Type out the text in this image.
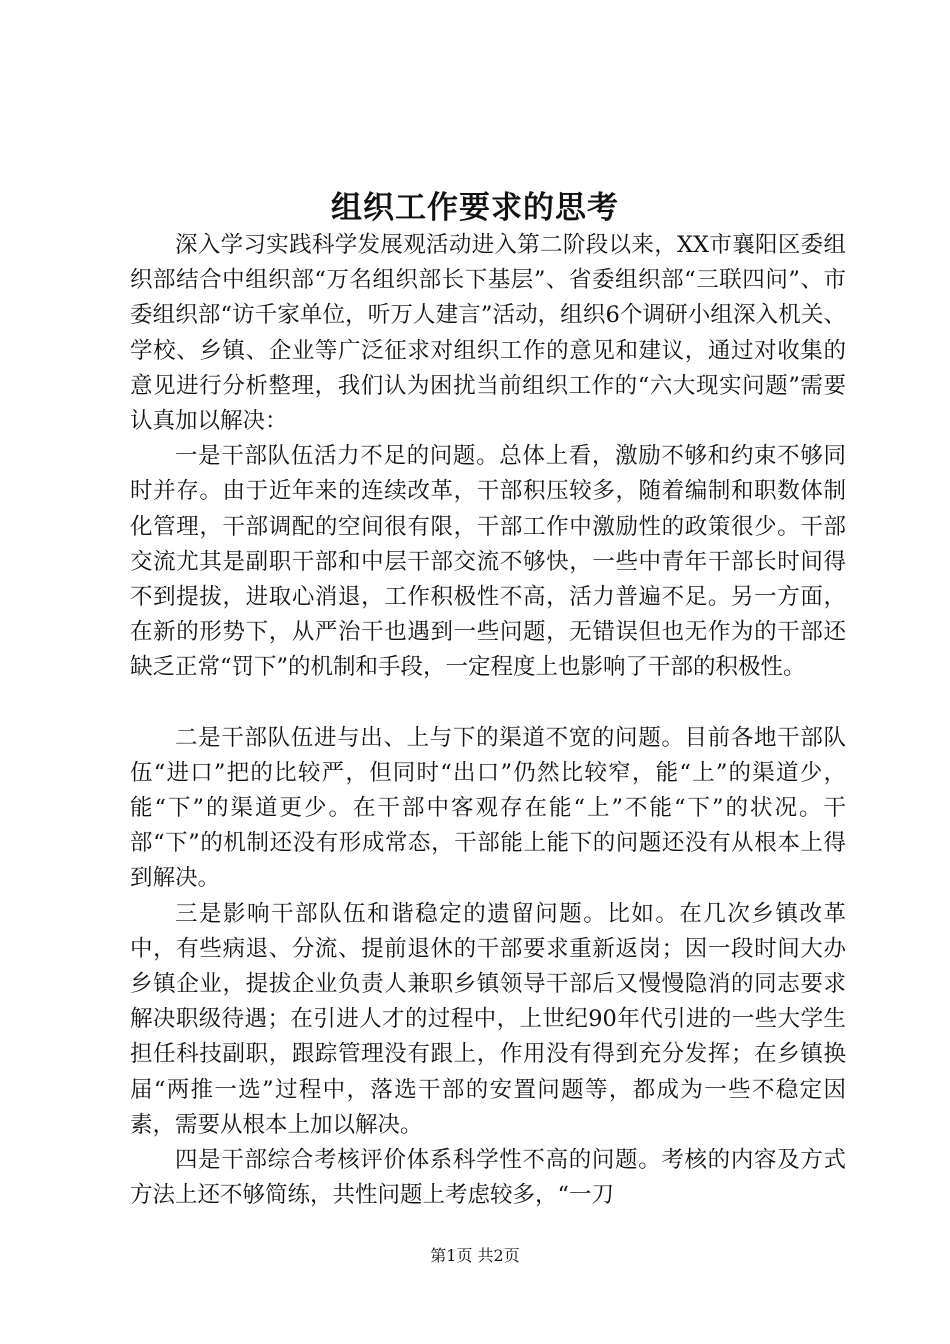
组织工作要求的思考

深入学习实践科学发展观活动进入第二阶段以来，XX市襄阳区委组织部结合中组织部“万名组织部长下基层”、省委组织部“三联四问”、市委组织部“访千家单位，听万人建言”活动，组织6个调研小组深入机关、学校、乡镇、企业等广泛征求对组织工作的意见和建议，通过对收集的意见进行分析整理，我们认为困扰当前组织工作的“六大现实问题”需要认真加以解决：

一是干部队伍活力不足的问题。总体上看，激励不够和约束不够同时并存。由于近年来的连续改革，干部积压较多，随着编制和职数体制化管理，干部调配的空间很有限，干部工作中激励性的政策很少。干部交流尤其是副职干部和中层干部交流不够快，一些中青年干部长时间得不到提拔，进取心消退，工作积极性不高，活力普遍不足。另一方面，在新的形势下，从严治干也遇到一些问题，无错误但也无作为的干部还缺乏正常“罚下”的机制和手段，一定程度上也影响了干部的积极性。

二是干部队伍进与出、上与下的渠道不宽的问题。目前各地干部队伍“进口”把的比较严，但同时“出口”仍然比较窄，能“上”的渠道少，能“下”的渠道更少。在干部中客观存在能“上”不能“下”的状况。干部“下”的机制还没有形成常态，干部能上能下的问题还没有从根本上得到解决。

三是影响干部队伍和谐稳定的遗留问题。比如。在几次乡镇改革中，有些病退、分流、提前退休的干部要求重新返岗；因一段时间大办乡镇企业，提拔企业负责人兼职乡镇领导干部后又慢慢隐消的同志要求解决职级待遇；在引进人才的过程中，上世纪90年代引进的一些大学生担任科技副职，跟踪管理没有跟上，作用没有得到充分发挥；在乡镇换届“两推一选”过程中，落选干部的安置问题等，都成为一些不稳定因素，需要从根本上加以解决。

四是干部综合考核评价体系科学性不高的问题。考核的内容及方式方法上还不够简练，共性问题上考虑较多，“一刀

第1页 共2页
